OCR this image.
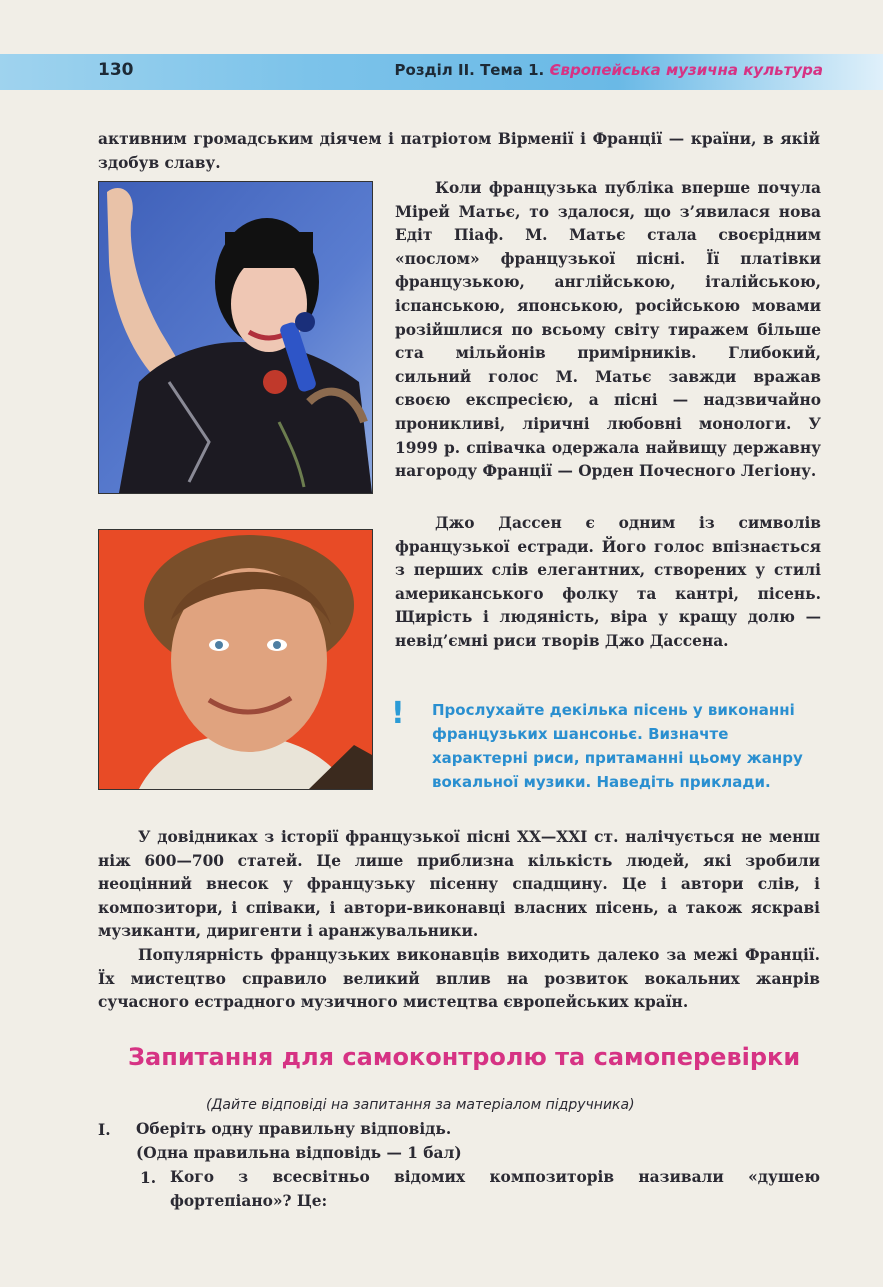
130	Розділ II. Тема 1. Європейська музична культура

активним громадським діячем і патріотом Вірменії і Франції — країни, в якій здобув славу.

Коли французька публіка вперше почула Мірей Матьє, то здалося, що з’явилася нова Едіт Піаф. М. Матьє стала своєрідним «послом» французької пісні. Її платівки французькою, англійською, італійською, іспанською, японською, російською мовами розійшлися по всьому світу тиражем більше ста мільйонів примірників. Глибокий, сильний голос М. Матьє завжди вражав своєю експресією, а пісні — надзвичайно проникливі, ліричні любовні монологи. У 1999 р. співачка одержала найвищу державну нагороду Франції — Орден Почесного Легіону.

Джо Дассен є одним із символів французької естради. Його голос впізнається з перших слів елегантних, створених у стилі американського фолку та кантрі, пісень. Щирість і людяність, віра у кращу долю — невід’ємні риси творів Джо Дассена.

! Прослухайте декілька пісень у виконанні французьких шансоньє. Визначте характерні риси, притаманні цьому жанру вокальної музики. Наведіть приклади.

У довідниках з історії французької пісні XX—XXI ст. налічується не менш ніж 600—700 статей. Це лише приблизна кількість людей, які зробили неоцінний внесок у французьку пісенну спадщину. Це і автори слів, і композитори, і співаки, і автори-виконавці власних пісень, а також яскраві музиканти, диригенти і аранжувальники.

Популярність французьких виконавців виходить далеко за межі Франції. Їх мистецтво справило великий вплив на розвиток вокальних жанрів сучасного естрадного музичного мистецтва європейських країн.

Запитання для самоконтролю та самоперевірки

(Дайте відповіді на запитання за матеріалом підручника)

I. Оберіть одну правильну відповідь.

(Одна правильна відповідь — 1 бал)

1. Кого з всесвітньо відомих композиторів називали «душею фортепіано»? Це:
